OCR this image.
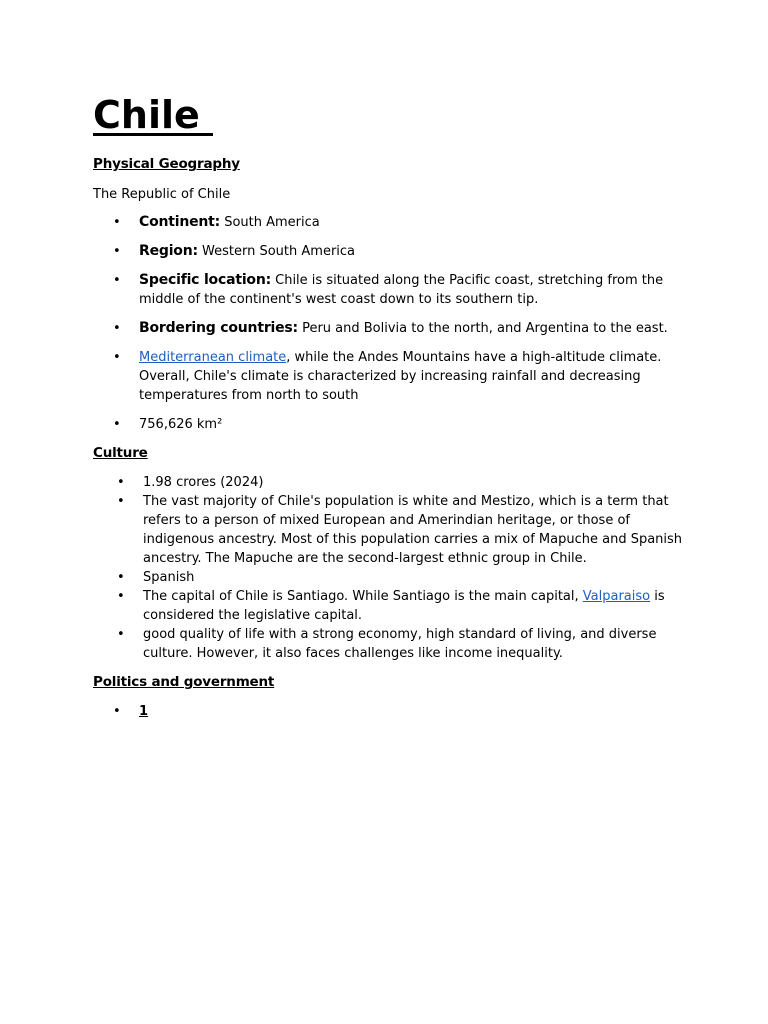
Chile

Physical Geography

The Republic of Chile

• Continent: South America
• Region: Western South America
• Specific location: Chile is situated along the Pacific coast, stretching from the middle of the continent's west coast down to its southern tip.
• Bordering countries: Peru and Bolivia to the north, and Argentina to the east.
• Mediterranean climate, while the Andes Mountains have a high-altitude climate. Overall, Chile's climate is characterized by increasing rainfall and decreasing temperatures from north to south
• 756,626 km²

Culture

• 1.98 crores (2024)
• The vast majority of Chile's population is white and Mestizo, which is a term that refers to a person of mixed European and Amerindian heritage, or those of indigenous ancestry. Most of this population carries a mix of Mapuche and Spanish ancestry. The Mapuche are the second-largest ethnic group in Chile.
• Spanish
• The capital of Chile is Santiago. While Santiago is the main capital, Valparaiso is considered the legislative capital.
• good quality of life with a strong economy, high standard of living, and diverse culture. However, it also faces challenges like income inequality.

Politics and government

• 1
